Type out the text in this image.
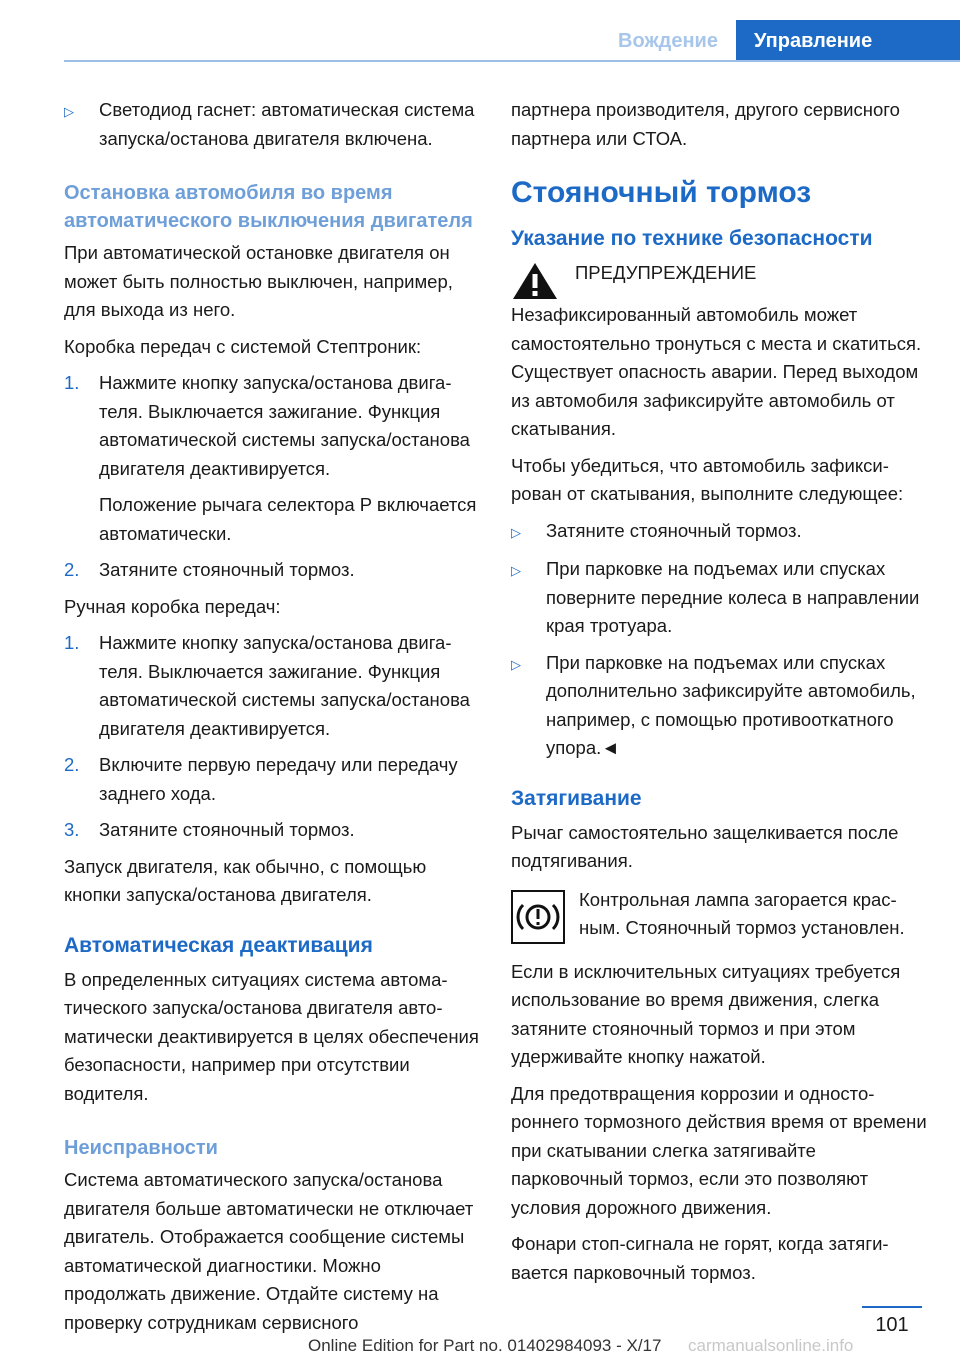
Вождение	Управление
▷	Светодиод гаснет: автоматическая система запуска/останова двигателя включена.
Остановка автомобиля во время автоматического выключения двигателя

При автоматической остановке двигателя он может быть полностью выключен, например, для выхода из него.

Коробка передач с системой Стептроник:

1.	Нажмите кнопку запуска/останова двигателя. Выключается зажигание. Функция автоматической системы запуска/останова двигателя деактивируется.

Положение рычага селектора P включается автоматически.

2.	Затяните стояночный тормоз.

Ручная коробка передач:

1.	Нажмите кнопку запуска/останова двигателя. Выключается зажигание. Функция автоматической системы запуска/останова двигателя деактивируется.
2.	Включите первую передачу или передачу заднего хода.
3.	Затяните стояночный тормоз.

Запуск двигателя, как обычно, с помощью кнопки запуска/останова двигателя.

Автоматическая деактивация

В определенных ситуациях система автоматического запуска/останова двигателя автоматически деактивируется в целях обеспечения безопасности, например при отсутствии водителя.

Неисправности

Система автоматического запуска/останова двигателя больше автоматически не отключает двигатель. Отображается сообщение системы автоматической диагностики. Можно продолжать движение. Отдайте систему на проверку сотрудникам сервисного

партнера производителя, другого сервисного партнера или СТОА.

Стояночный тормоз
Указание по технике безопасности
ПРЕДУПРЕЖДЕНИЕ

Незафиксированный автомобиль может самостоятельно тронуться с места и скатиться. Существует опасность аварии. Перед выходом из автомобиля зафиксируйте автомобиль от скатывания.

Чтобы убедиться, что автомобиль зафиксирован от скатывания, выполните следующее:

▷	Затяните стояночный тормоз.
▷	При парковке на подъемах или спусках поверните передние колеса в направлении края тротуара.
▷	При парковке на подъемах или спусках дополнительно зафиксируйте автомобиль, например, с помощью противооткатного упора.◄
Затягивание

Рычаг самостоятельно защелкивается после подтягивания.

Контрольная лампа загорается красным. Стояночный тормоз установлен.

Если в исключительных ситуациях требуется использование во время движения, слегка затяните стояночный тормоз и при этом удерживайте кнопку нажатой.

Для предотвращения коррозии и одностороннего тормозного действия время от времени при скатывании слегка затягивайте парковочный тормоз, если это позволяют условия дорожного движения.

Фонари стоп-сигнала не горят, когда затягивается парковочный тормоз.

101
Online Edition for Part no. 01402984093 - X/17 carmanualsonline.info
